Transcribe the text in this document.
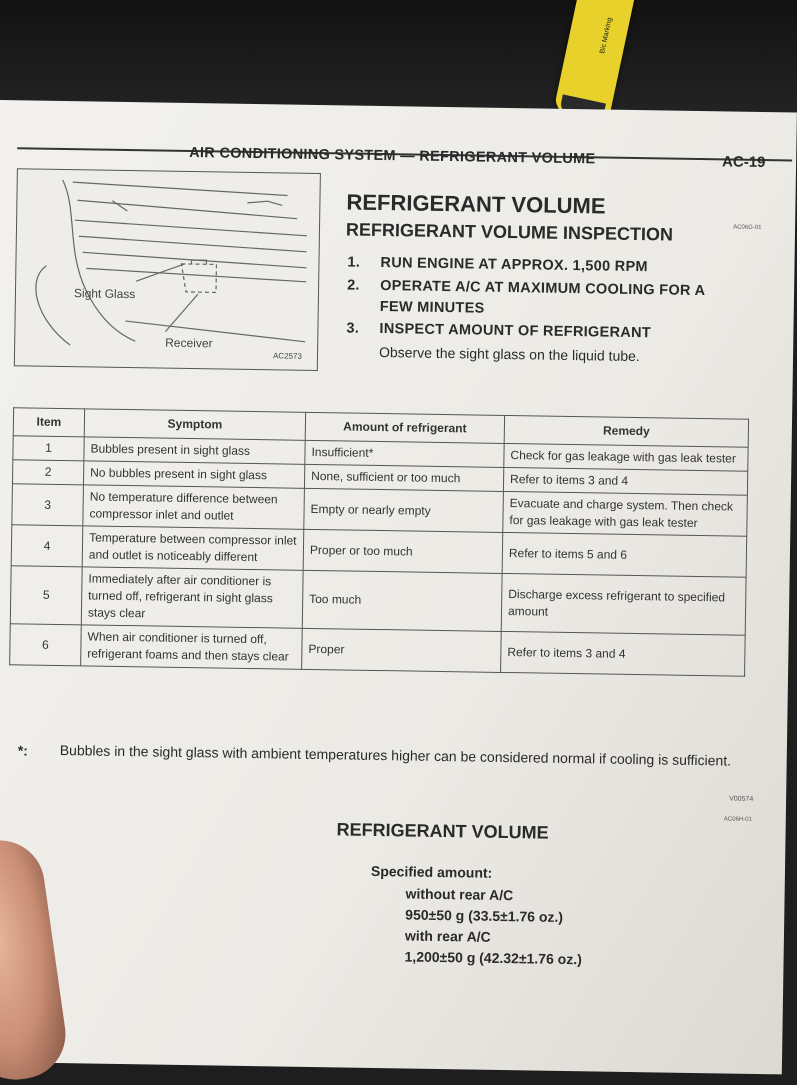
Bic Marking
AIR CONDITIONING SYSTEM — REFRIGERANT VOLUME	AC-19
Sight Glass
Receiver
AC2573
REFRIGERANT VOLUME
REFRIGERANT VOLUME INSPECTION	AC06G-01
1. RUN ENGINE AT APPROX. 1,500 RPM
2. OPERATE A/C AT MAXIMUM COOLING FOR A
FEW MINUTES
3. INSPECT AMOUNT OF REFRIGERANT
Observe the sight glass on the liquid tube.
Item	Symptom	Amount of refrigerant	Remedy
1	Bubbles present in sight glass	Insufficient*	Check for gas leakage with gas leak tester
2	No bubbles present in sight glass	None, sufficient or too much	Refer to items 3 and 4
3	No temperature difference between compressor inlet and outlet	Empty or nearly empty	Evacuate and charge system. Then check for gas leakage with gas leak tester
4	Temperature between compressor inlet and outlet is noticeably different	Proper or too much	Refer to items 5 and 6
5	Immediately after air conditioner is turned off, refrigerant in sight glass stays clear	Too much	Discharge excess refrigerant to specified amount
6	When air conditioner is turned off, refrigerant foams and then stays clear	Proper	Refer to items 3 and 4
*: Bubbles in the sight glass with ambient temperatures higher can be considered normal if cooling is sufficient.
V00574
AC06H-01
REFRIGERANT VOLUME
Specified amount:
without rear A/C
950±50 g (33.5±1.76 oz.)
with rear A/C
1,200±50 g (42.32±1.76 oz.)
